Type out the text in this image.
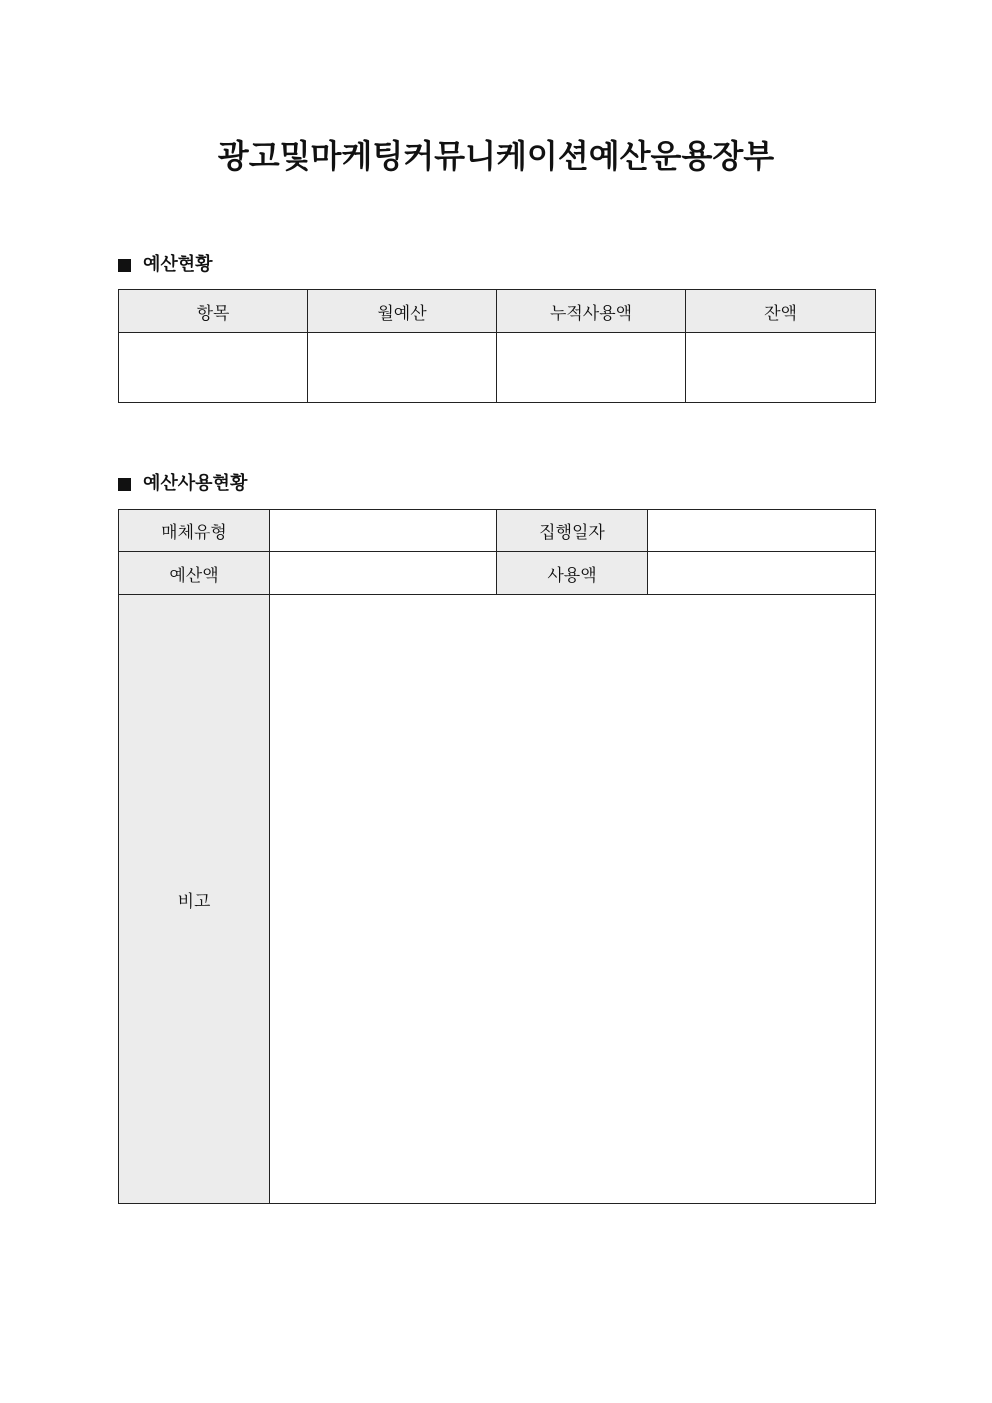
광고및마케팅커뮤니케이션예산운용장부
예산현황
항목	월예산	누적사용액	잔액

예산사용현황
매체유형		집행일자	
예산액		사용액	
비고			
